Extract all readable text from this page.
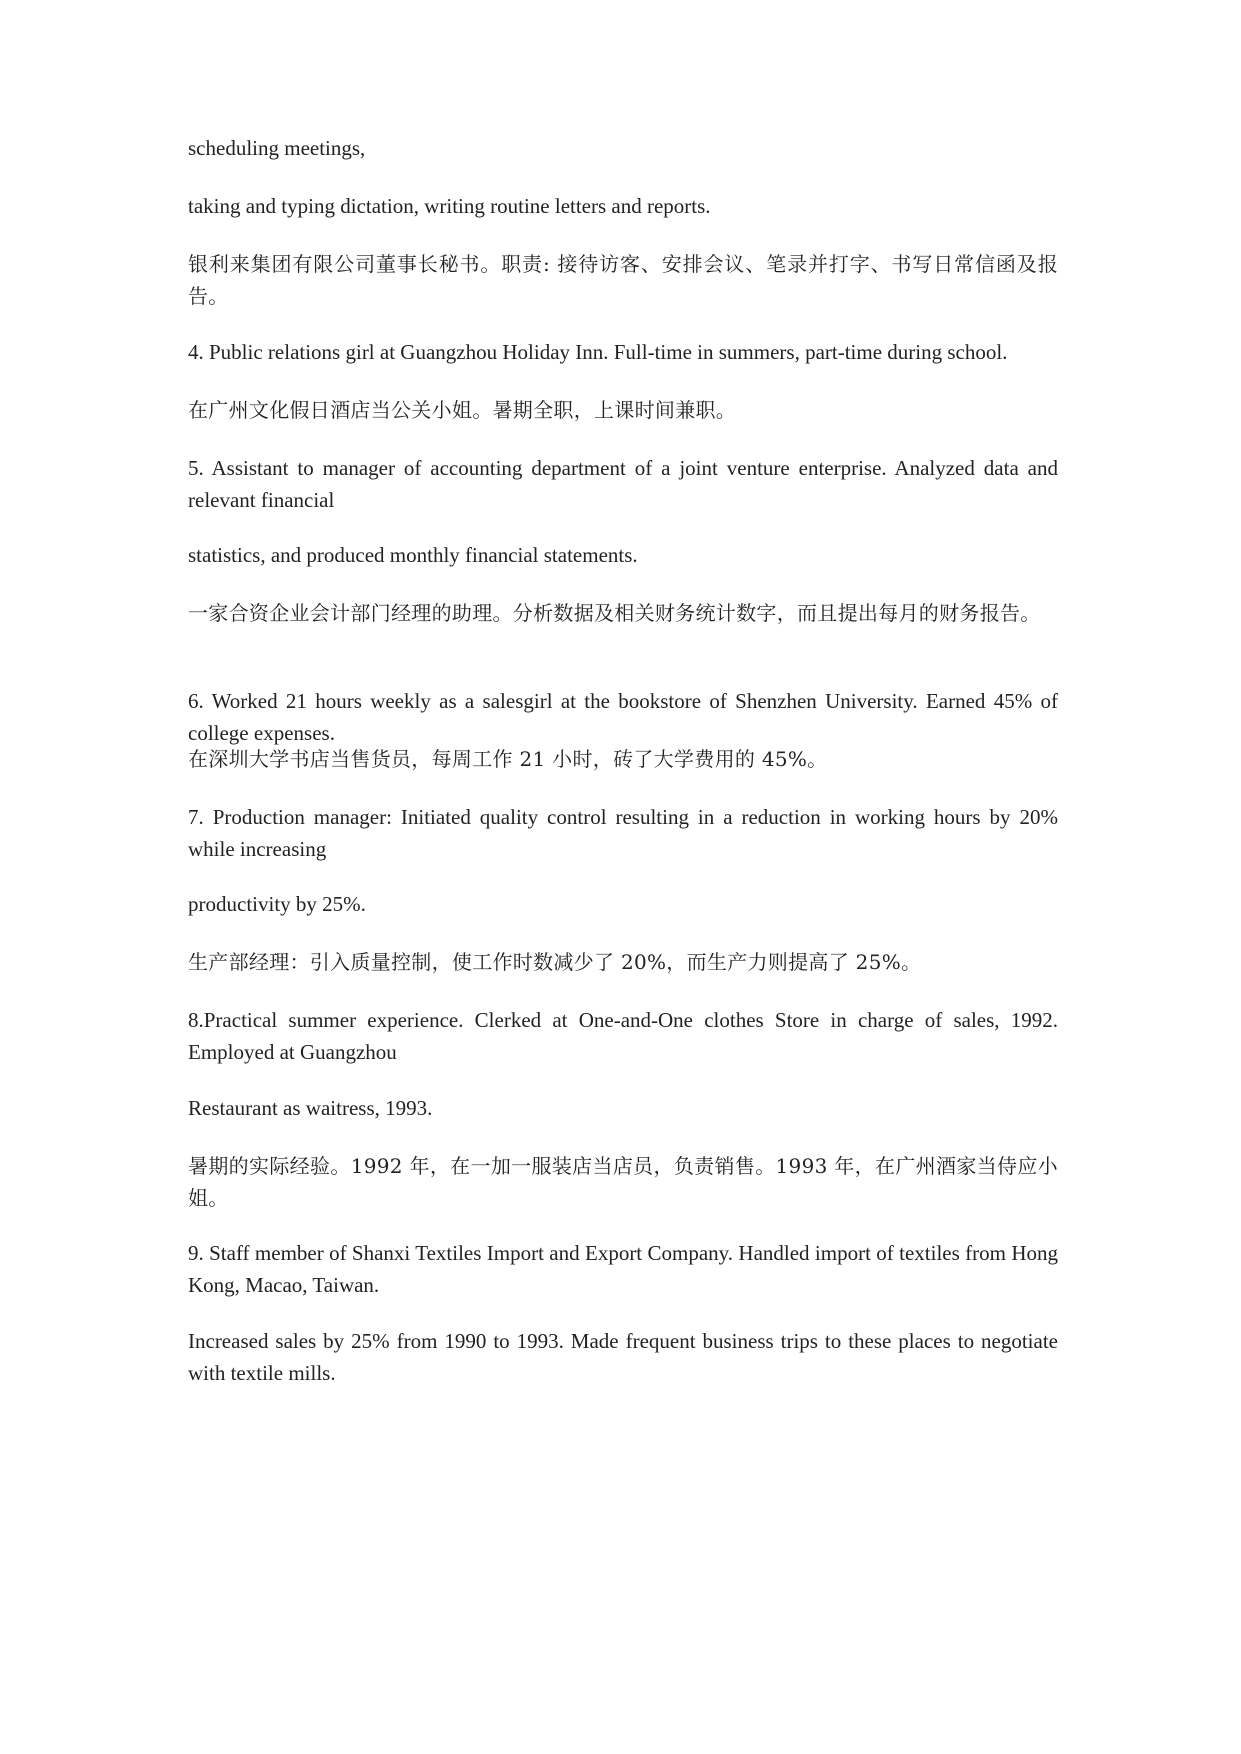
scheduling meetings,

taking and typing dictation, writing routine letters and reports.

银利来集团有限公司董事长秘书。职责: 接待访客、安排会议、笔录并打字、书写日常信函及报告。

4. Public relations girl at Guangzhou Holiday Inn. Full-time in summers, part-time during school.

在广州文化假日酒店当公关小姐。暑期全职，上课时间兼职。

5. Assistant to manager of accounting department of a joint venture enterprise. Analyzed data and relevant financial

statistics, and produced monthly financial statements.

一家合资企业会计部门经理的助理。分析数据及相关财务统计数字，而且提出每月的财务报告。

6. Worked 21 hours weekly as a salesgirl at the bookstore of Shenzhen University. Earned 45% of college expenses.

在深圳大学书店当售货员，每周工作 21 小时，砖了大学费用的 45%。

7. Production manager: Initiated quality control resulting in a reduction in working hours by 20% while increasing

productivity by 25%.

生产部经理：引入质量控制，使工作时数减少了 20%，而生产力则提高了 25%。

8.Practical summer experience. Clerked at One-and-One clothes Store in charge of sales, 1992. Employed at Guangzhou

Restaurant as waitress, 1993.

暑期的实际经验。1992 年，在一加一服装店当店员，负责销售。1993 年，在广州酒家当侍应小姐。

9. Staff member of Shanxi Textiles Import and Export Company. Handled import of textiles from Hong Kong, Macao, Taiwan.

Increased sales by 25% from 1990 to 1993. Made frequent business trips to these places to negotiate with textile mills.
